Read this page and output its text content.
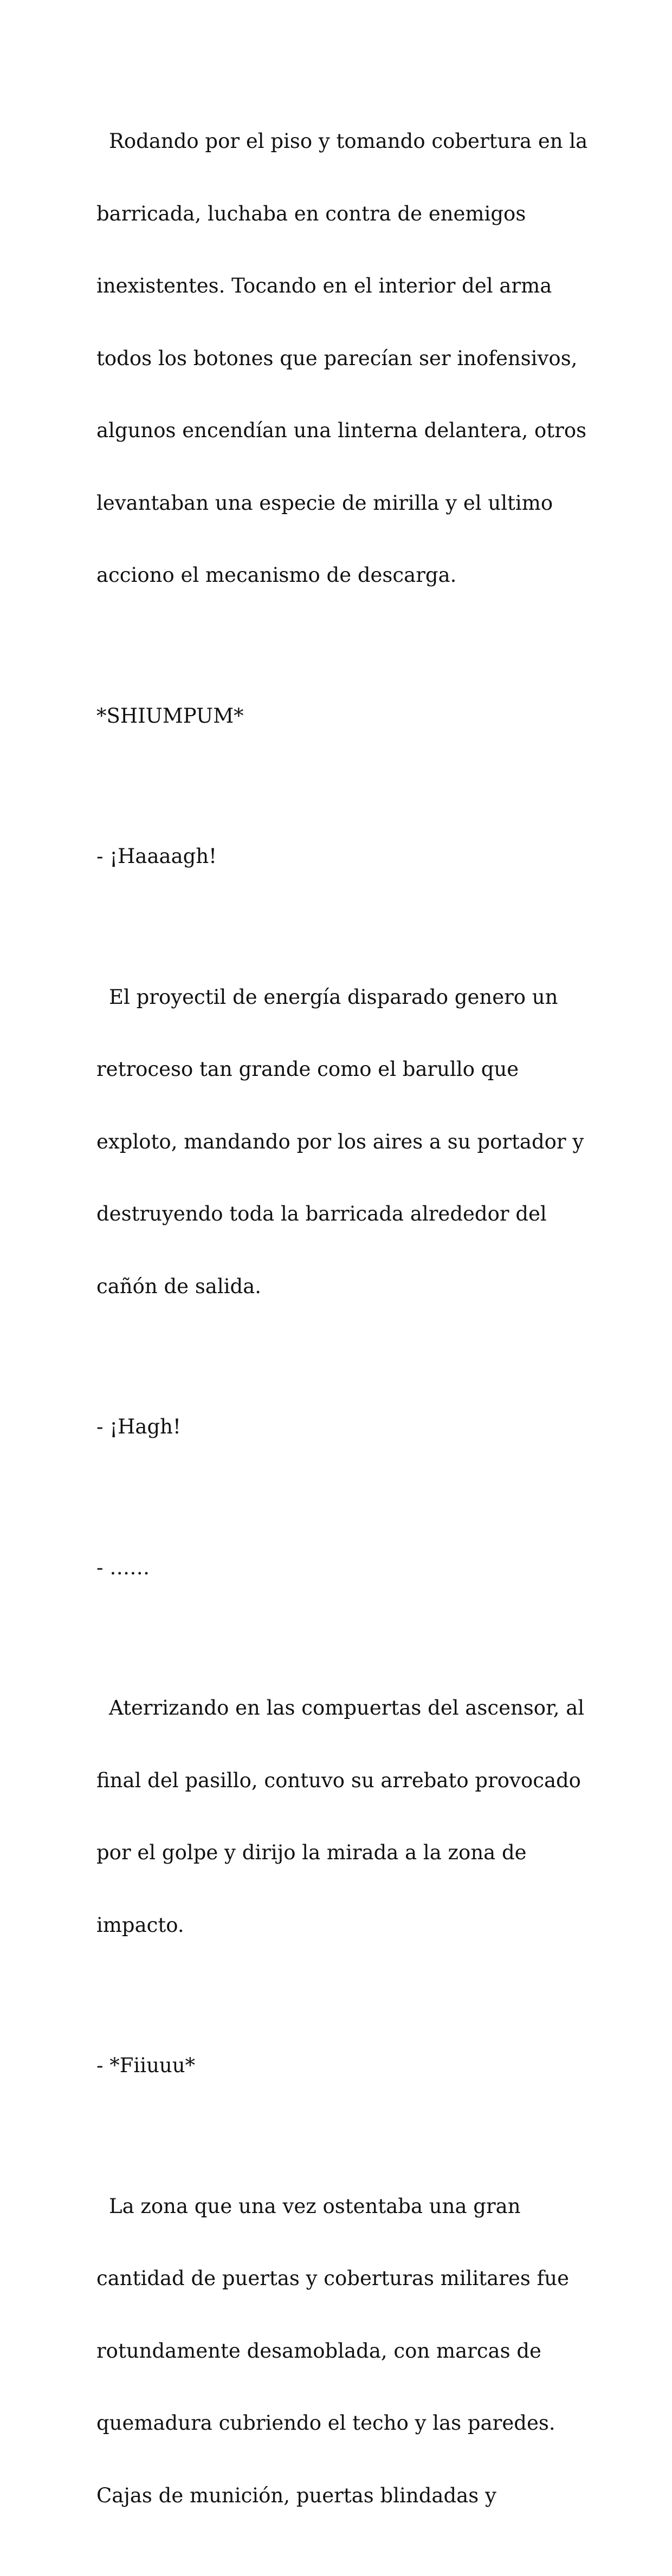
Rodando por el piso y tomando cobertura en la

barricada, luchaba en contra de enemigos

inexistentes. Tocando en el interior del arma

todos los botones que parecían ser inofensivos,

algunos encendían una linterna delantera, otros

levantaban una especie de mirilla y el ultimo

acciono el mecanismo de descarga.

*SHIUMPUM*

- ¡Haaaagh!

El proyectil de energía disparado genero un

retroceso tan grande como el barullo que

exploto, mandando por los aires a su portador y

destruyendo toda la barricada alrededor del

cañón de salida.

- ¡Hagh!

- ……

Aterrizando en las compuertas del ascensor, al

final del pasillo, contuvo su arrebato provocado

por el golpe y dirijo la mirada a la zona de

impacto.

- *Fiiuuu*

La zona que una vez ostentaba una gran

cantidad de puertas y coberturas militares fue

rotundamente desamoblada, con marcas de

quemadura cubriendo el techo y las paredes.

Cajas de munición, puertas blindadas y
